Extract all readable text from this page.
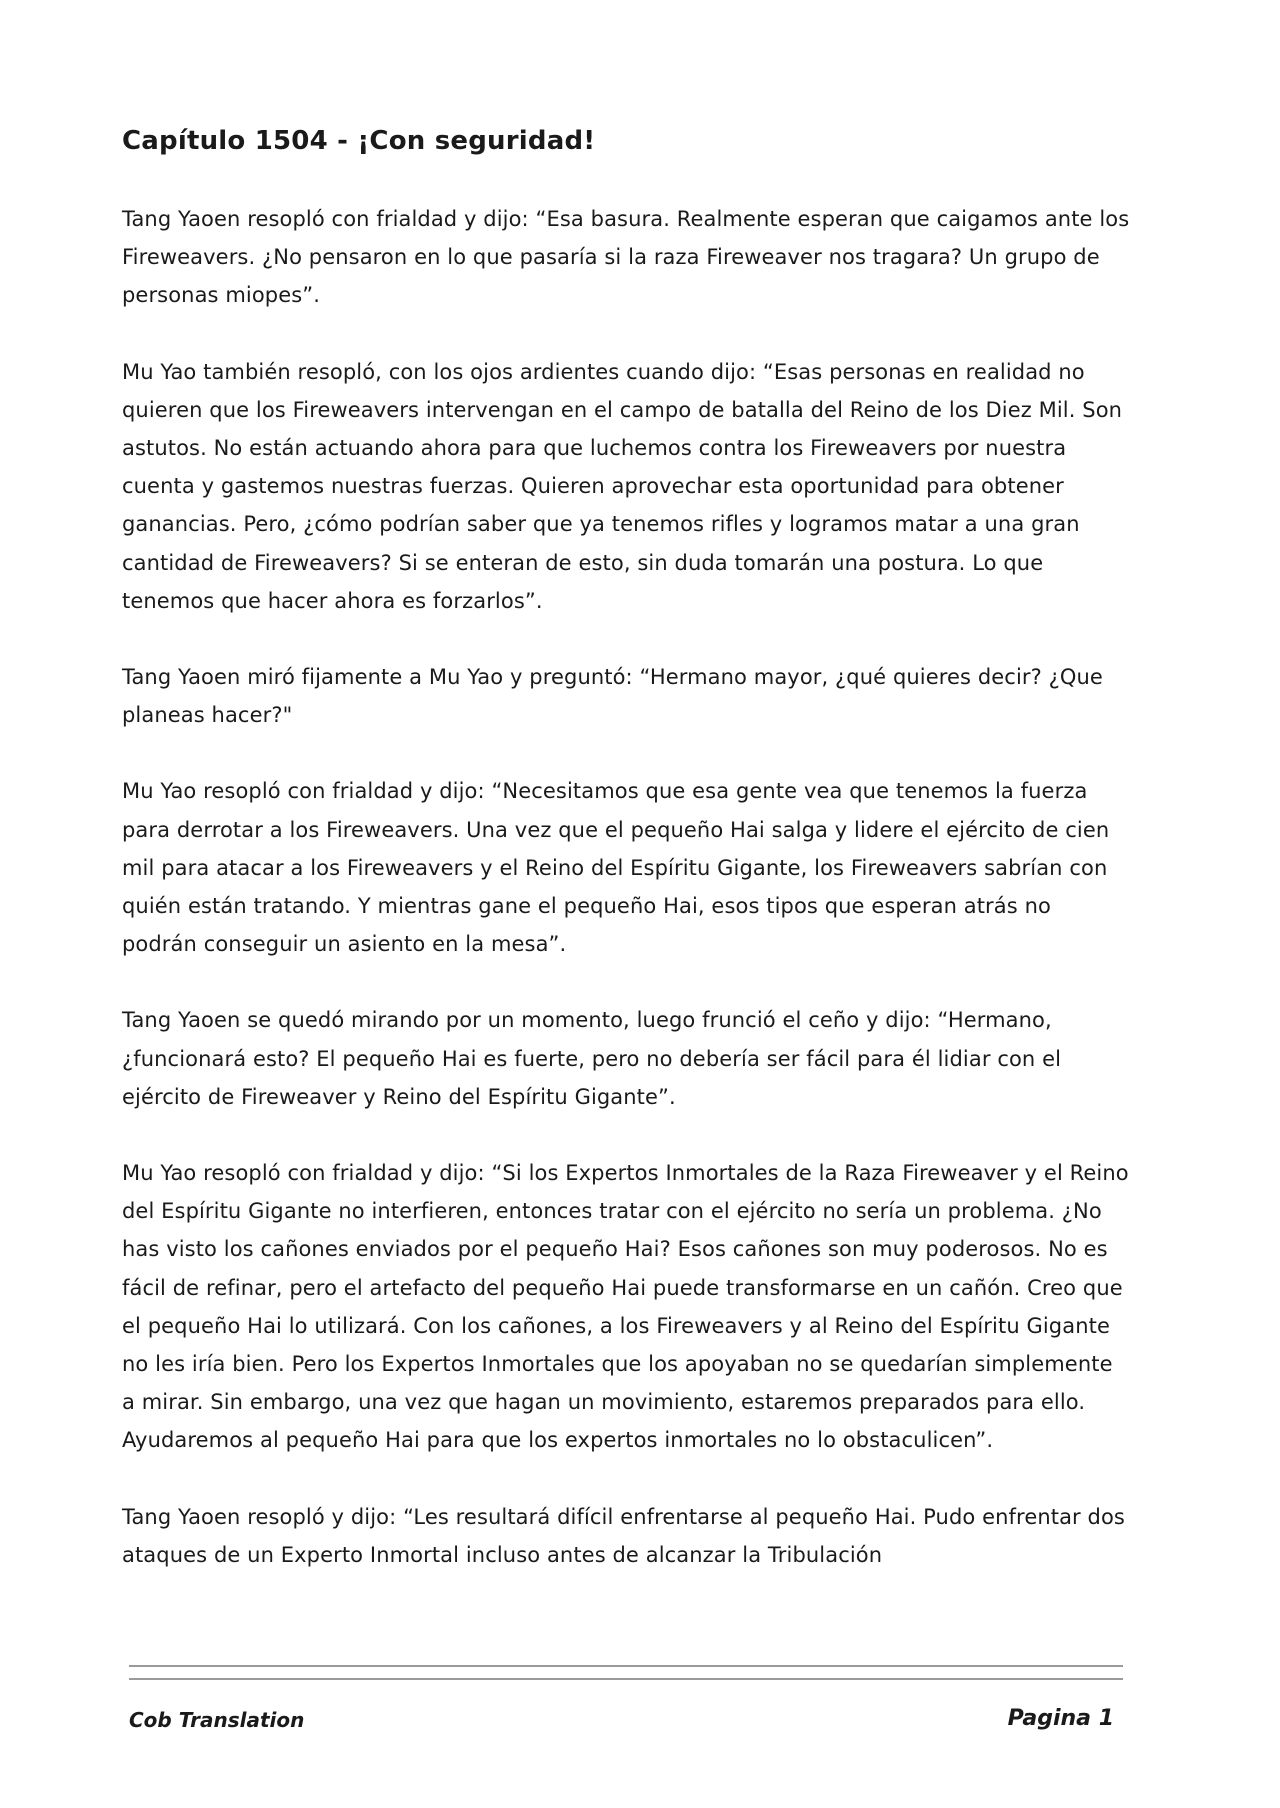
Capítulo 1504 - ¡Con seguridad!

Tang Yaoen resopló con frialdad y dijo: “Esa basura. Realmente esperan que caigamos ante los Fireweavers. ¿No pensaron en lo que pasaría si la raza Fireweaver nos tragara? Un grupo de personas miopes”.

Mu Yao también resopló, con los ojos ardientes cuando dijo: “Esas personas en realidad no quieren que los Fireweavers intervengan en el campo de batalla del Reino de los Diez Mil. Son astutos. No están actuando ahora para que luchemos contra los Fireweavers por nuestra cuenta y gastemos nuestras fuerzas. Quieren aprovechar esta oportunidad para obtener ganancias. Pero, ¿cómo podrían saber que ya tenemos rifles y logramos matar a una gran cantidad de Fireweavers? Si se enteran de esto, sin duda tomarán una postura. Lo que tenemos que hacer ahora es forzarlos”.

Tang Yaoen miró fijamente a Mu Yao y preguntó: “Hermano mayor, ¿qué quieres decir? ¿Que planeas hacer?"

Mu Yao resopló con frialdad y dijo: “Necesitamos que esa gente vea que tenemos la fuerza para derrotar a los Fireweavers. Una vez que el pequeño Hai salga y lidere el ejército de cien mil para atacar a los Fireweavers y el Reino del Espíritu Gigante, los Fireweavers sabrían con quién están tratando. Y mientras gane el pequeño Hai, esos tipos que esperan atrás no podrán conseguir un asiento en la mesa”.

Tang Yaoen se quedó mirando por un momento, luego frunció el ceño y dijo: “Hermano, ¿funcionará esto? El pequeño Hai es fuerte, pero no debería ser fácil para él lidiar con el ejército de Fireweaver y Reino del Espíritu Gigante”.

Mu Yao resopló con frialdad y dijo: “Si los Expertos Inmortales de la Raza Fireweaver y el Reino del Espíritu Gigante no interfieren, entonces tratar con el ejército no sería un problema. ¿No has visto los cañones enviados por el pequeño Hai? Esos cañones son muy poderosos. No es fácil de refinar, pero el artefacto del pequeño Hai puede transformarse en un cañón. Creo que el pequeño Hai lo utilizará. Con los cañones, a los Fireweavers y al Reino del Espíritu Gigante no les iría bien. Pero los Expertos Inmortales que los apoyaban no se quedarían simplemente a mirar. Sin embargo, una vez que hagan un movimiento, estaremos preparados para ello. Ayudaremos al pequeño Hai para que los expertos inmortales no lo obstaculicen”.

Tang Yaoen resopló y dijo: “Les resultará difícil enfrentarse al pequeño Hai. Pudo enfrentar dos ataques de un Experto Inmortal incluso antes de alcanzar la Tribulación

Cob Translation	Pagina 1
